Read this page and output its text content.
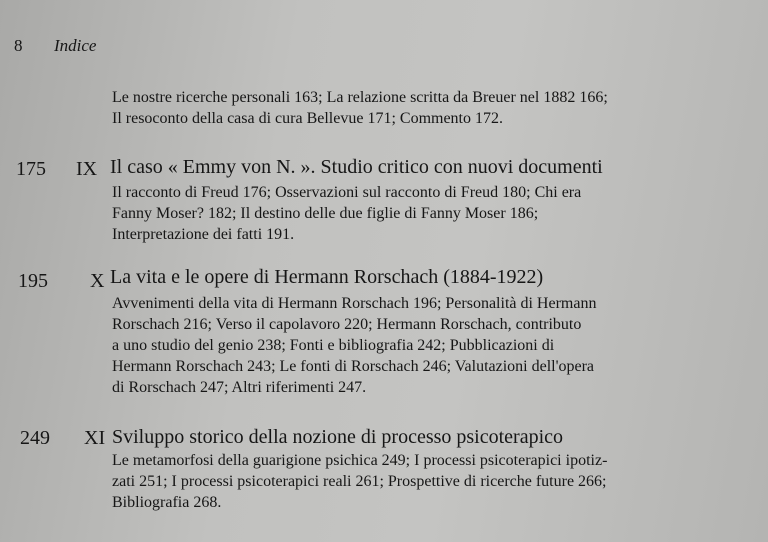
8 Indice
Le nostre ricerche personali 163; La relazione scritta da Breuer nel 1882 166;
Il resoconto della casa di cura Bellevue 171; Commento 172.
175 IX Il caso « Emmy von N. ». Studio critico con nuovi documenti
Il racconto di Freud 176; Osservazioni sul racconto di Freud 180; Chi era
Fanny Moser? 182; Il destino delle due figlie di Fanny Moser 186;
Interpretazione dei fatti 191.
195 X La vita e le opere di Hermann Rorschach (1884-1922)
Avvenimenti della vita di Hermann Rorschach 196; Personalità di Hermann
Rorschach 216; Verso il capolavoro 220; Hermann Rorschach, contributo
a uno studio del genio 238; Fonti e bibliografia 242; Pubblicazioni di
Hermann Rorschach 243; Le fonti di Rorschach 246; Valutazioni dell'opera
di Rorschach 247; Altri riferimenti 247.
249 XI Sviluppo storico della nozione di processo psicoterapico
Le metamorfosi della guarigione psichica 249; I processi psicoterapici ipotiz-
zati 251; I processi psicoterapici reali 261; Prospettive di ricerche future 266;
Bibliografia 268.
